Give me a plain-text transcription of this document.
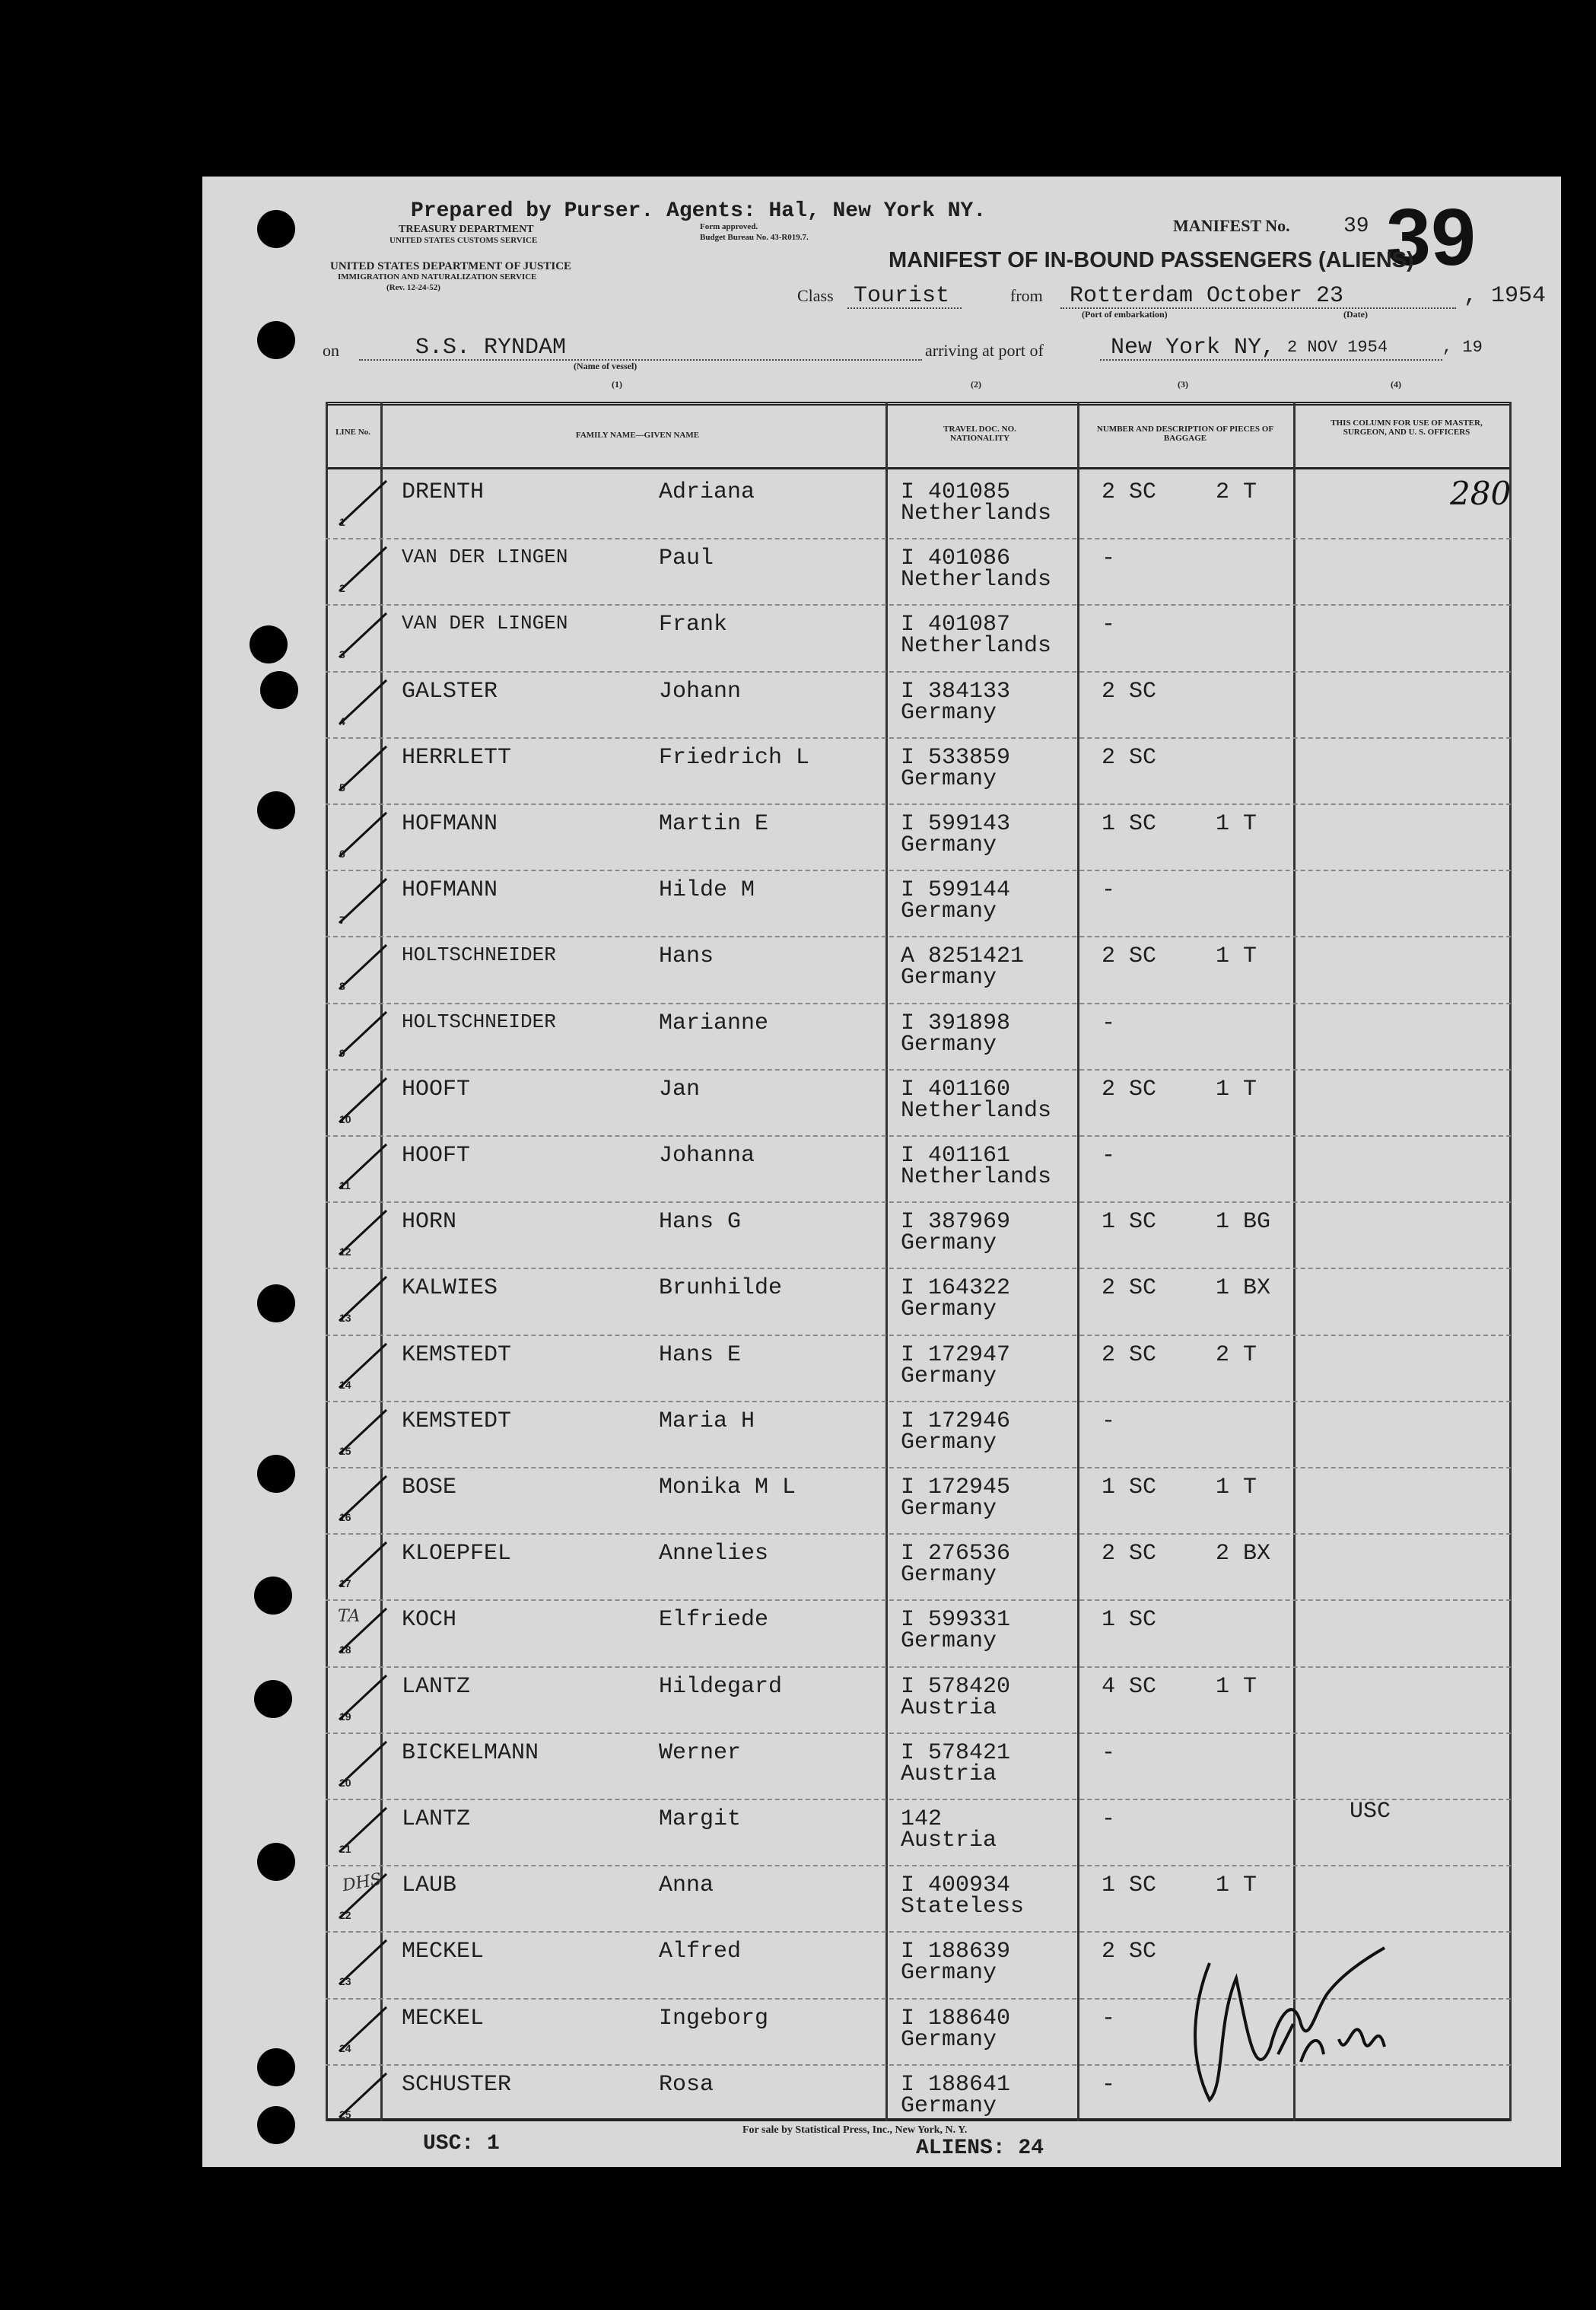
Prepared by Purser. Agents: Hal, New York NY.
TREASURY DEPARTMENT
UNITED STATES CUSTOMS SERVICE
Form approved.
Budget Bureau No. 43-R019.7.
UNITED STATES DEPARTMENT OF JUSTICE
IMMIGRATION AND NATURALIZATION SERVICE
(Rev. 12-24-52)
MANIFEST No.	39 39
MANIFEST OF IN-BOUND PASSENGERS (ALIENS)
Class Tourist	from Rotterdam October 23
(Port of embarkation)	(Date)
, 1954
on	S.S. RYNDAM
(Name of vessel)
arriving at port of	New York NY, 2 NOV 1954	, 19
(1)	(2)	(3)	(4)
280
LINE No.	FAMILY NAME—GIVEN NAME
TRAVEL DOC. NO. NATIONALITY
NUMBER AND DESCRIPTION OF PIECES OF BAGGAGE
THIS COLUMN FOR USE OF MASTER, SURGEON, AND U. S. OFFICERS
1
DRENTH	Adriana	I 401085
Netherlands
2 SC	2 T
2
VAN DER LINGEN	Paul	I 401086
Netherlands
-
3
VAN DER LINGEN	Frank	I 401087
Netherlands
-
4
GALSTER	Johann	I 384133
Germany
2 SC
5
HERRLETT	Friedrich L	I 533859
Germany
2 SC
6
HOFMANN	Martin E	I 599143
Germany
1 SC	1 T
7
HOFMANN	Hilde M	I 599144
Germany
-
8
HOLTSCHNEIDER	Hans	A 8251421
Germany
2 SC	1 T
9
HOLTSCHNEIDER	Marianne	I 391898
Germany
-
10
HOOFT	Jan	I 401160
Netherlands
2 SC	1 T
11
HOOFT	Johanna	I 401161
Netherlands
-
12
HORN	Hans G	I 387969
Germany
1 SC	1 BG
13
KALWIES	Brunhilde	I 164322
Germany
2 SC	1 BX
14
KEMSTEDT	Hans E	I 172947
Germany
2 SC	2 T
15
KEMSTEDT	Maria H	I 172946
Germany
-
16
BOSE	Monika M L	I 172945
Germany
1 SC	1 T
17
KLOEPFEL	Annelies	I 276536
Germany
2 SC	2 BX
18
KOCH	Elfriede	I 599331
Germany
1 SC
19
LANTZ	Hildegard	I 578420
Austria
4 SC	1 T
20
BICKELMANN	Werner	I 578421
Austria
-
21
LANTZ	Margit	142
Austria
-	USC
22
LAUB	Anna	I 400934
Stateless
1 SC	1 T
23
MECKEL	Alfred	I 188639
Germany
2 SC
24
MECKEL	Ingeborg	I 188640
Germany
-
25
SCHUSTER	Rosa	I 188641
Germany
-
TA
DHS
USC: 1
For sale by Statistical Press, Inc., New York, N. Y.
ALIENS: 24
